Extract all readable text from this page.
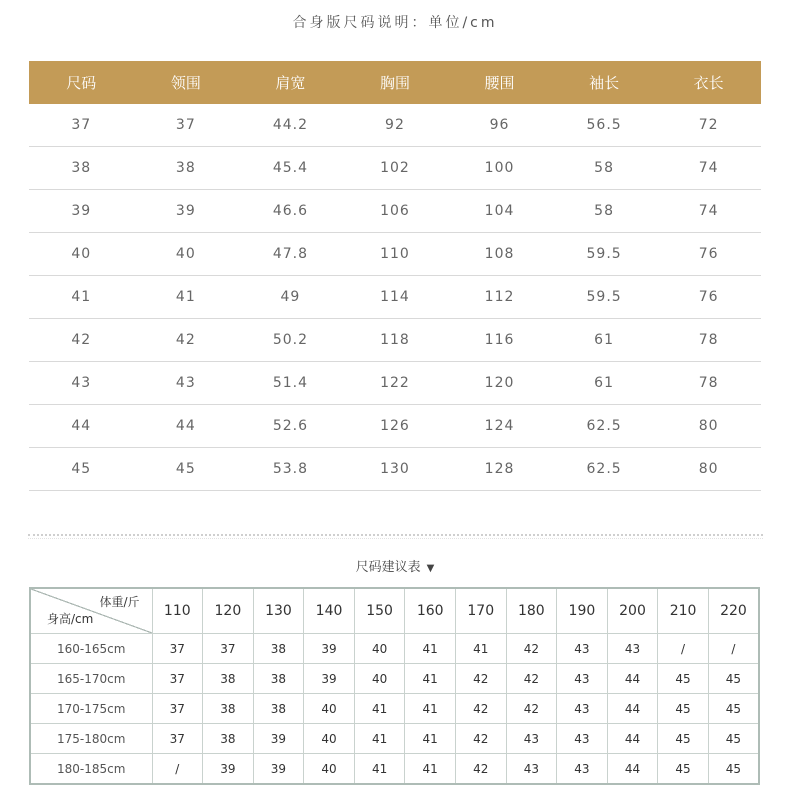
合身版尺码说明：单位/cm
尺码	领围	肩宽	胸围	腰围	袖长	衣长
37	37	44.2	92	96	56.5	72
38	38	45.4	102	100	58	74
39	39	46.6	106	104	58	74
40	40	47.8	110	108	59.5	76
41	41	49	114	112	59.5	76
42	42	50.2	118	116	61	78
43	43	51.4	122	120	61	78
44	44	52.6	126	124	62.5	80
45	45	53.8	130	128	62.5	80
尺码建议表 ▼
体重/斤
身高/cm	110	120	130	140	150	160	170	180	190	200	210	220
160-165cm	37	37	38	39	40	41	41	42	43	43	/	/
165-170cm	37	38	38	39	40	41	42	42	43	44	45	45
170-175cm	37	38	38	40	41	41	42	42	43	44	45	45
175-180cm	37	38	39	40	41	41	42	43	43	44	45	45
180-185cm	/	39	39	40	41	41	42	43	43	44	45	45
